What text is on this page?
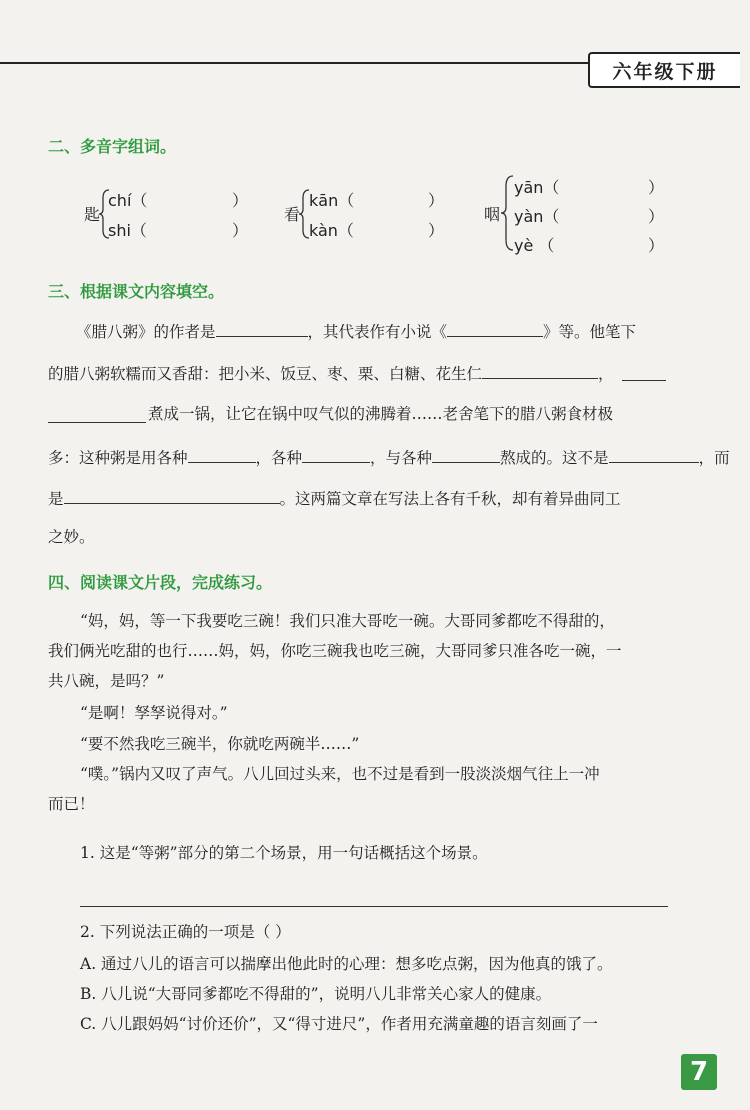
六年级下册
二、多音字组词。
匙
chí（	）
shi（	）
看
kān（	）
kàn（	）
咽
yān（	）
yàn（	）
yè （	）
三、根据课文内容填空。
《腊八粥》的作者是	，其代表作有小说《	》等。他笔下
的腊八粥软糯而又香甜：把小米、饭豆、枣、栗、白糖、花生仁	，
煮成一锅，让它在锅中叹气似的沸腾着……老舍笔下的腊八粥食材极
多：这种粥是用各种	，各种	，与各种	熬成的。这不是	，而
是	。这两篇文章在写法上各有千秋，却有着异曲同工
之妙。
四、阅读课文片段，完成练习。
“妈，妈，等一下我要吃三碗！我们只准大哥吃一碗。大哥同爹都吃不得甜的，
我们俩光吃甜的也行……妈，妈，你吃三碗我也吃三碗，大哥同爹只准各吃一碗，一
共八碗，是吗？”
“是啊！孥孥说得对。”
“要不然我吃三碗半，你就吃两碗半……”
“噗。”锅内又叹了声气。八儿回过头来，也不过是看到一股淡淡烟气往上一冲
而已！
1. 这是“等粥”部分的第二个场景，用一句话概括这个场景。
2. 下列说法正确的一项是（ ）
A. 通过八儿的语言可以揣摩出他此时的心理：想多吃点粥，因为他真的饿了。
B. 八儿说“大哥同爹都吃不得甜的”，说明八儿非常关心家人的健康。
C. 八儿跟妈妈“讨价还价”，又“得寸进尺”，作者用充满童趣的语言刻画了一
7
